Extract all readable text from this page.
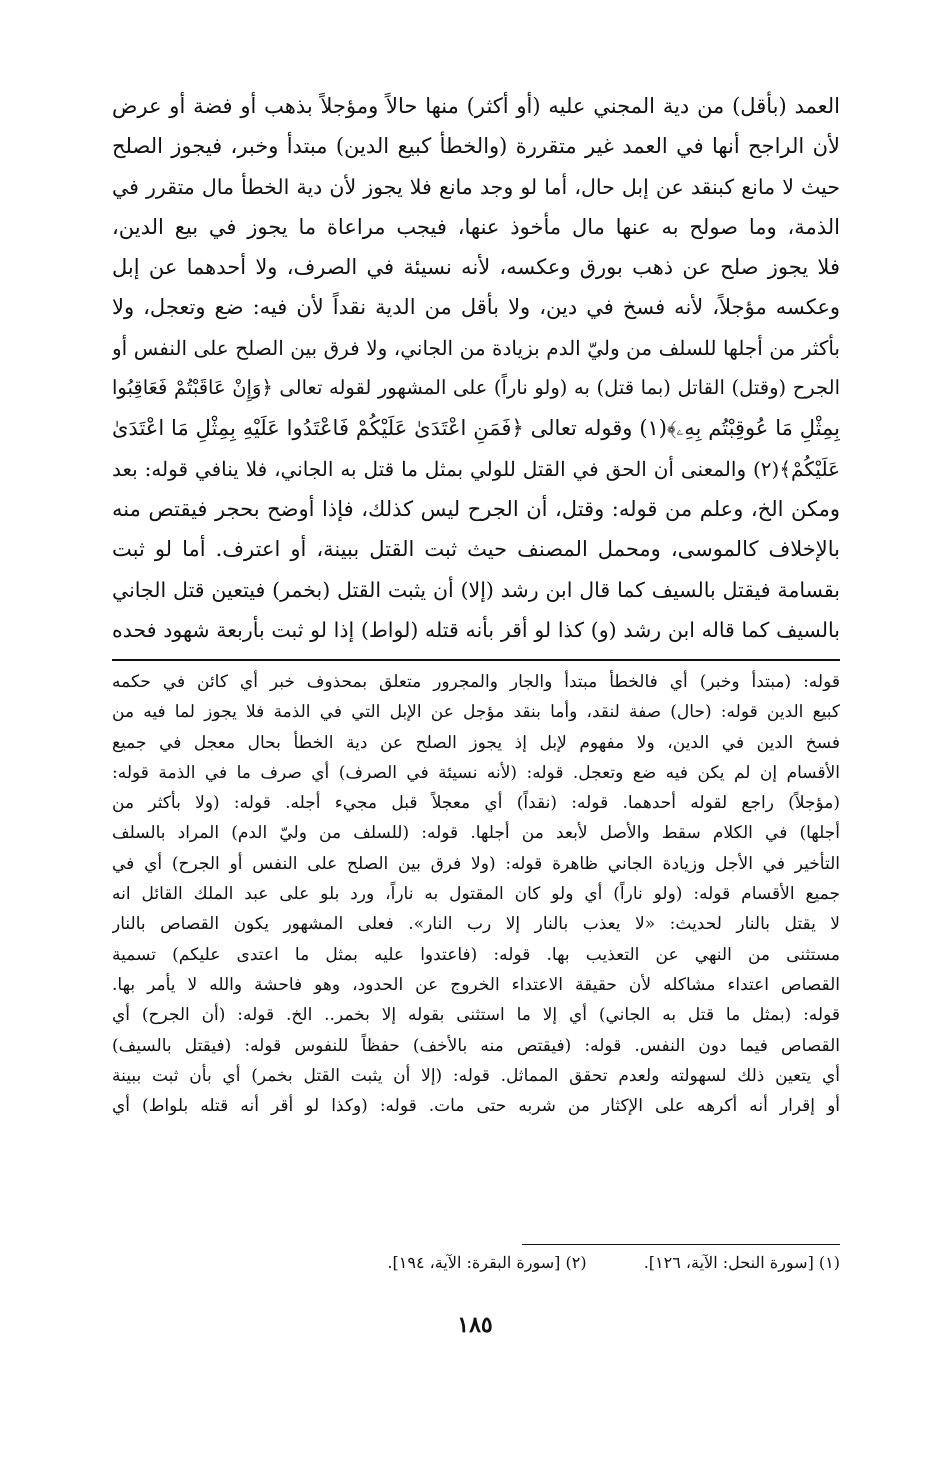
العمد (بأقل) من دية المجني عليه (أو أكثر) منها حالاً ومؤجلاً بذهب أو فضة أو عرض
لأن الراجح أنها في العمد غير متقررة (والخطأ كبيع الدين) مبتدأ وخبر، فيجوز الصلح
حيث لا مانع كبنقد عن إبل حال، أما لو وجد مانع فلا يجوز لأن دية الخطأ مال متقرر في
الذمة، وما صولح به عنها مال مأخوذ عنها، فيجب مراعاة ما يجوز في بيع الدين،
فلا يجوز صلح عن ذهب بورق وعكسه، لأنه نسيئة في الصرف، ولا أحدهما عن إبل
وعكسه مؤجلاً، لأنه فسخ في دين، ولا بأقل من الدية نقداً لأن فيه: ضع وتعجل، ولا
بأكثر من أجلها للسلف من وليّ الدم بزيادة من الجاني، ولا فرق بين الصلح على النفس أو
الجرح (وقتل) القاتل (بما قتل) به (ولو ناراً) على المشهور لقوله تعالى ﴿وَإِنْ عَاقَبْتُمْ فَعَاقِبُوا
بِمِثْلِ مَا عُوقِبْتُم بِهِۦ﴾(١) وقوله تعالى ﴿فَمَنِ اعْتَدَىٰ عَلَيْكُمْ فَاعْتَدُوا عَلَيْهِ بِمِثْلِ مَا اعْتَدَىٰ
عَلَيْكُمْ﴾(٢) والمعنى أن الحق في القتل للولي بمثل ما قتل به الجاني، فلا ينافي قوله: بعد
ومكن الخ، وعلم من قوله: وقتل، أن الجرح ليس كذلك، فإذا أوضح بحجر فيقتص منه
بالإخلاف كالموسى، ومحمل المصنف حيث ثبت القتل ببينة، أو اعترف. أما لو ثبت
بقسامة فيقتل بالسيف كما قال ابن رشد (إلا) أن يثبت القتل (بخمر) فيتعين قتل الجاني
بالسيف كما قاله ابن رشد (و) كذا لو أقر بأنه قتله (لواط) إذا لو ثبت بأربعة شهود فحده
قوله: (مبتدأ وخبر) أي فالخطأ مبتدأ والجار والمجرور متعلق بمحذوف خبر أي كائن في حكمه
كبيع الدين قوله: (حال) صفة لنقد، وأما بنقد مؤجل عن الإبل التي في الذمة فلا يجوز لما فيه من
فسخ الدين في الدين، ولا مفهوم لإبل إذ يجوز الصلح عن دية الخطأ بحال معجل في جميع
الأقسام إن لم يكن فيه ضع وتعجل. قوله: (لأنه نسيئة في الصرف) أي صرف ما في الذمة قوله:
(مؤجلاً) راجع لقوله أحدهما. قوله: (نقداً) أي معجلاً قبل مجيء أجله. قوله: (ولا بأكثر من
أجلها) في الكلام سقط والأصل لأبعد من أجلها. قوله: (للسلف من وليّ الدم) المراد بالسلف
التأخير في الأجل وزيادة الجاني ظاهرة قوله: (ولا فرق بين الصلح على النفس أو الجرح) أي في
جميع الأقسام قوله: (ولو ناراً) أي ولو كان المقتول به ناراً، ورد بلو على عبد الملك القائل انه
لا يقتل بالنار لحديث: «لا يعذب بالنار إلا رب النار». فعلى المشهور يكون القصاص بالنار
مستثنى من النهي عن التعذيب بها. قوله: (فاعتدوا عليه بمثل ما اعتدى عليكم) تسمية
القصاص اعتداء مشاكله لأن حقيقة الاعتداء الخروج عن الحدود، وهو فاحشة والله لا يأمر بها.
قوله: (بمثل ما قتل به الجاني) أي إلا ما استثنى بقوله إلا بخمر.. الخ. قوله: (أن الجرح) أي
القصاص فيما دون النفس. قوله: (فيقتص منه بالأخف) حفظاً للنفوس قوله: (فيقتل بالسيف)
أي يتعين ذلك لسهولته ولعدم تحقق المماثل. قوله: (إلا أن يثبت القتل بخمر) أي بأن ثبت ببينة
أو إقرار أنه أكرهه على الإكثار من شربه حتى مات. قوله: (وكذا لو أقر أنه قتله بلواط) أي
(١) [سورة النحل: الآية، ١٢٦]. (٢) [سورة البقرة: الآية، ١٩٤].
١٨٥
